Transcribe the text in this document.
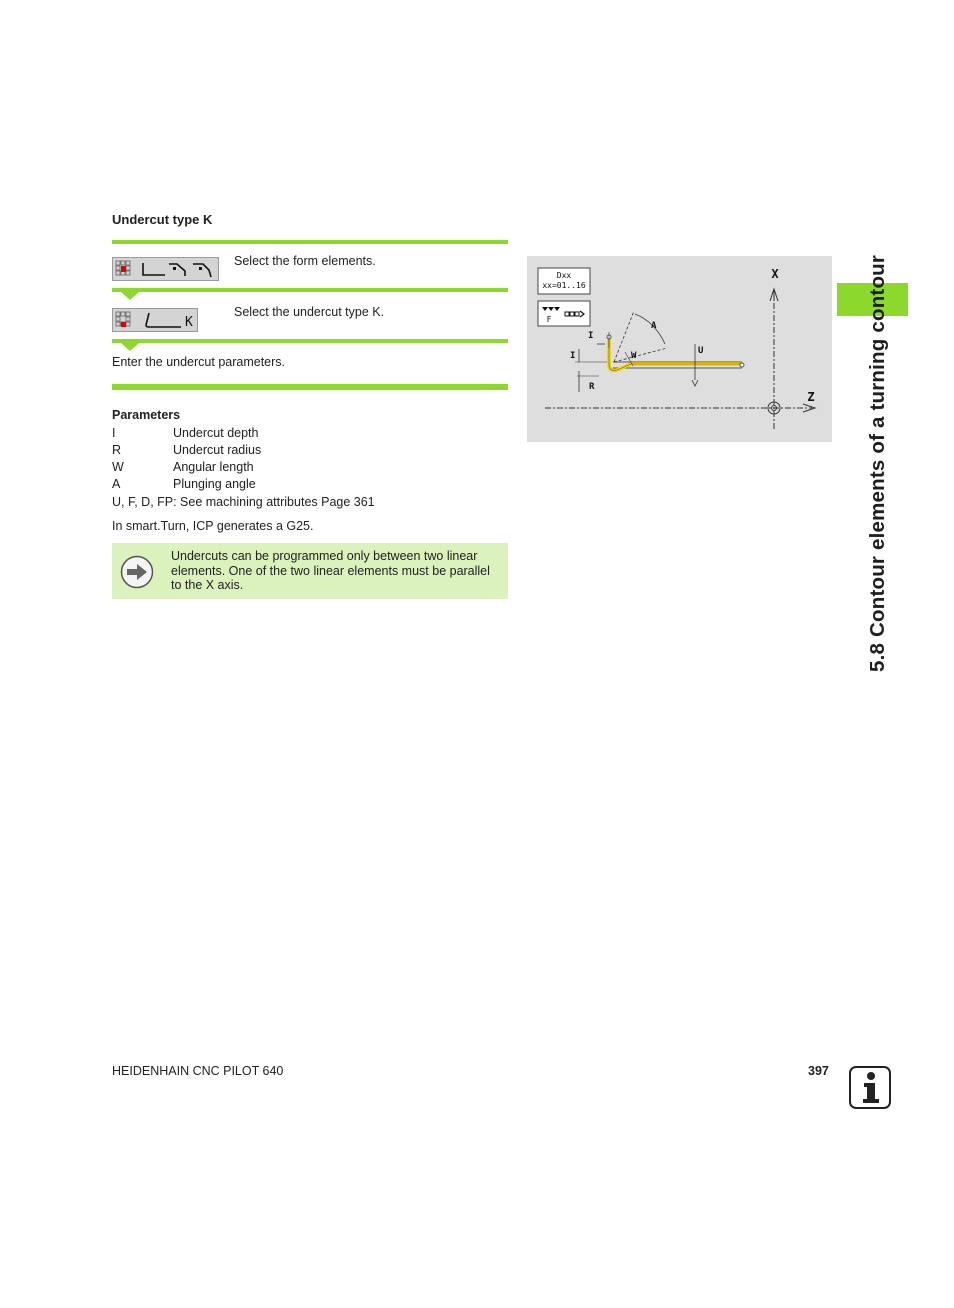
Undercut type K
Select the form elements.
K
Select the undercut type K.
Enter the undercut parameters.
Parameters
I	Undercut depth
R	Undercut radius
W	Angular length
A	Plunging angle
U, F, D, FP: See machining attributes Page 361
In smart.Turn, ICP generates a G25.
Undercuts can be programmed only between two linear elements. One of the two linear elements must be parallel to the X axis.
Dxx
xx=01..16
F
X
Z
A
I
I	W	U
R	5.8 Contour elements of a turning contour
HEIDENHAIN CNC PILOT 640	397
